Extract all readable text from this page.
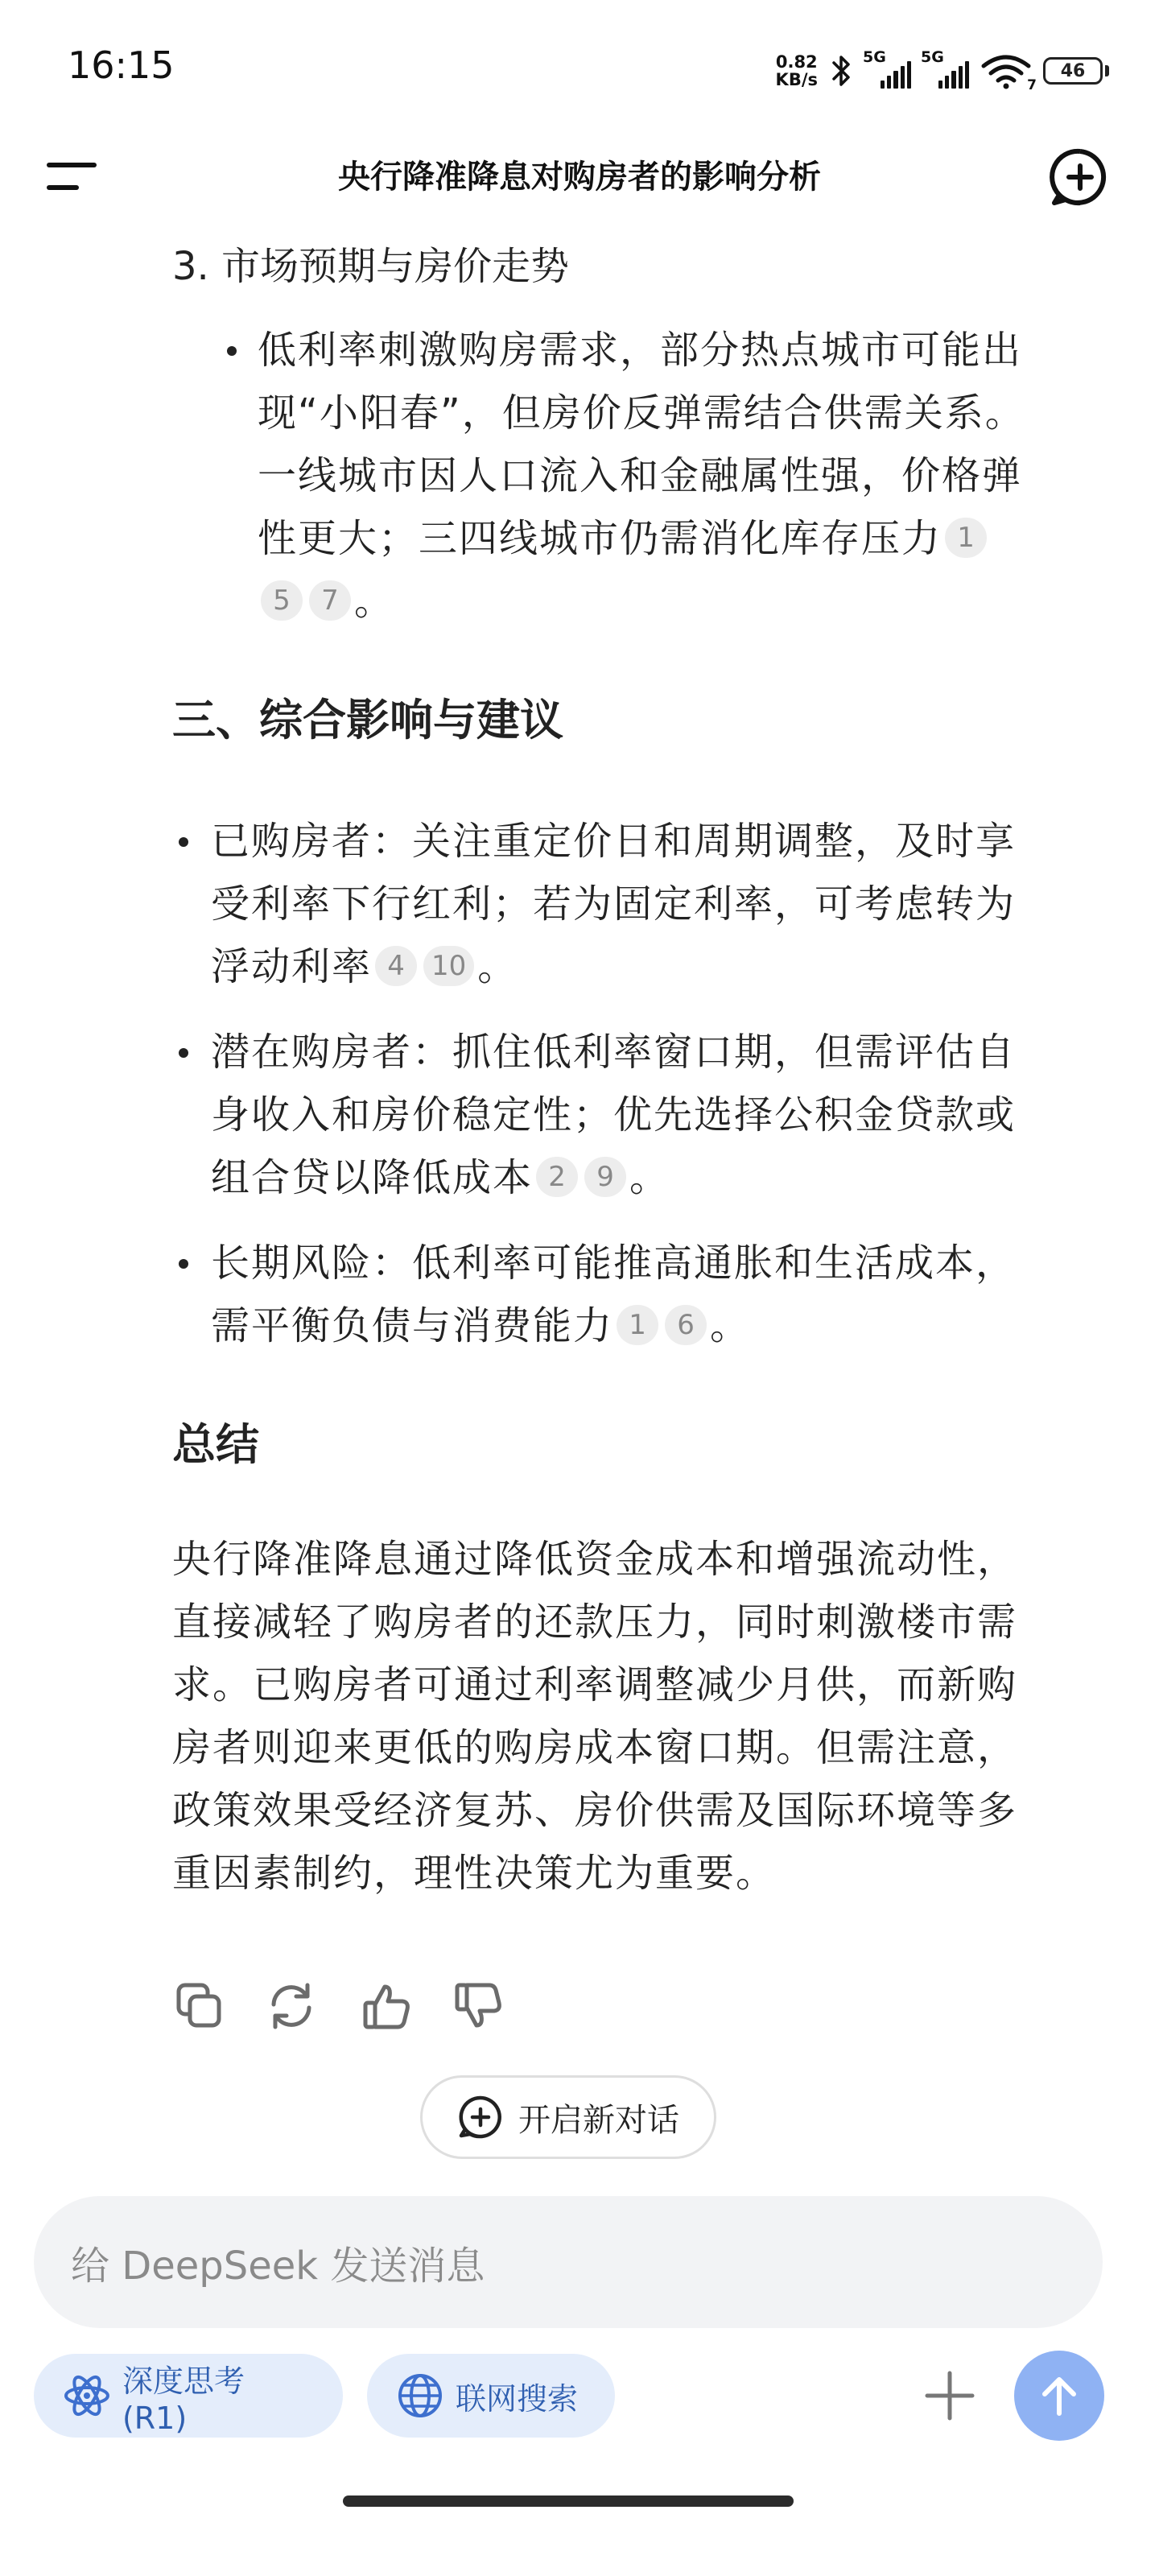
16:15	0.82
KB/s
5G 5G
7
46
央行降准降息对购房者的影响分析
3. 市场预期与房价走势
低利率刺激购房需求，部分热点城市可能出
现“小阳春”，但房价反弹需结合供需关系。
一线城市因人口流入和金融属性强，价格弹
性更大；三四线城市仍需消化库存压力 1
5 7 。
三、综合影响与建议
已购房者：关注重定价日和周期调整，及时享
受利率下行红利；若为固定利率，可考虑转为
浮动利率 4 10 。
潜在购房者：抓住低利率窗口期，但需评估自
身收入和房价稳定性；优先选择公积金贷款或
组合贷以降低成本 2 9 。
长期风险：低利率可能推高通胀和生活成本，
需平衡负债与消费能力 1 6 。
总结
央行降准降息通过降低资金成本和增强流动性，
直接减轻了购房者的还款压力，同时刺激楼市需
求。已购房者可通过利率调整减少月供，而新购
房者则迎来更低的购房成本窗口期。但需注意，
政策效果受经济复苏、房价供需及国际环境等多
重因素制约，理性决策尤为重要。
开启新对话
给 DeepSeek 发送消息
深度思考 (R1)
联网搜索
